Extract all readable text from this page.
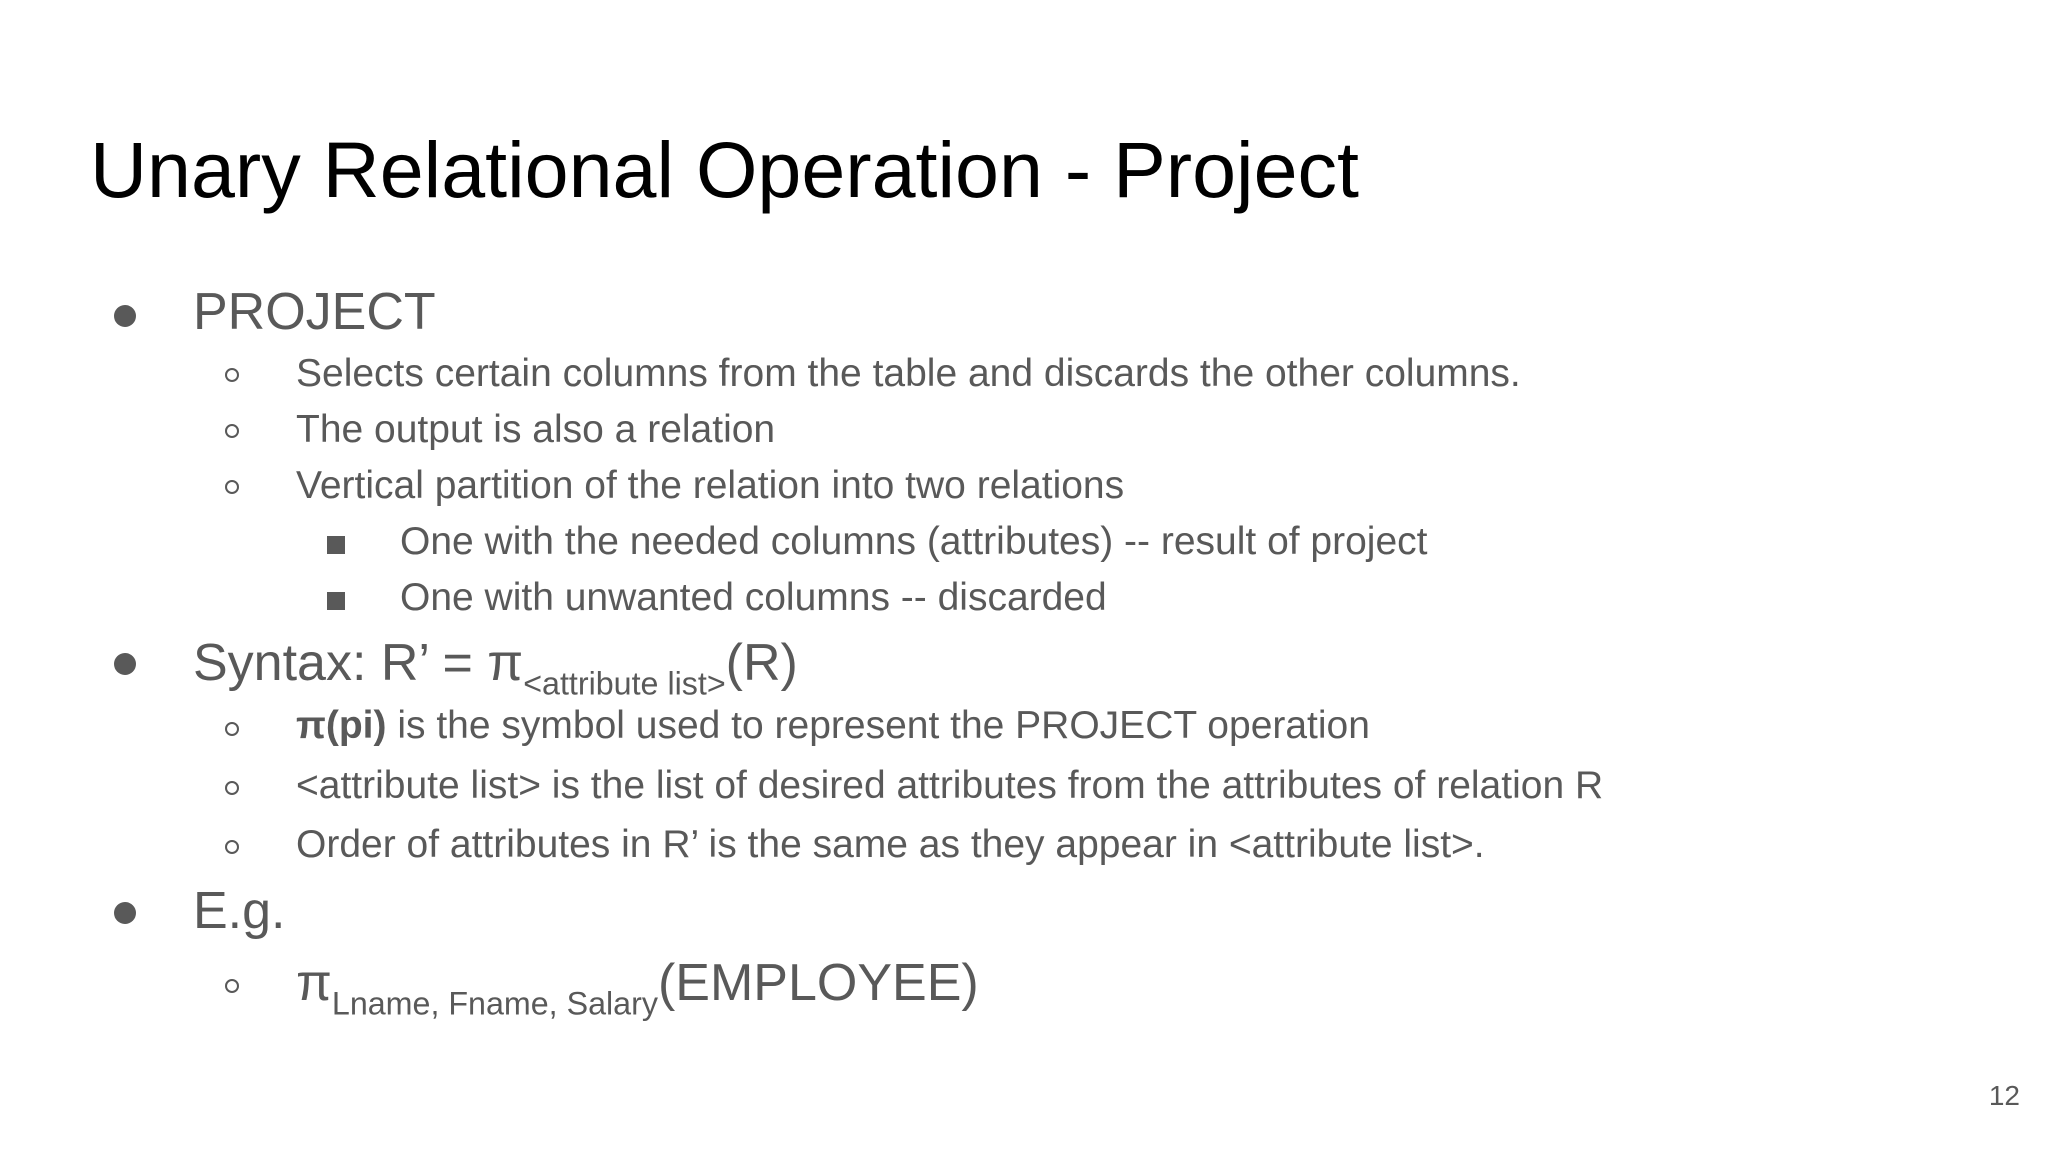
Unary Relational Operation - Project
PROJECT
Selects certain columns from the table and discards the other columns.
The output is also a relation
Vertical partition of the relation into two relations
One with the needed columns (attributes) -- result of project
One with unwanted columns -- discarded
Syntax: R’ = $\pi_{<attribute list>}(R)$
π(pi) is the symbol used to represent the PROJECT operation
<attribute list> is the list of desired attributes from the attributes of relation R
Order of attributes in R’ is the same as they appear in <attribute list>.
E.g.
$\pi_{Lname, Fname, Salary}(EMPLOYEE)$
12
